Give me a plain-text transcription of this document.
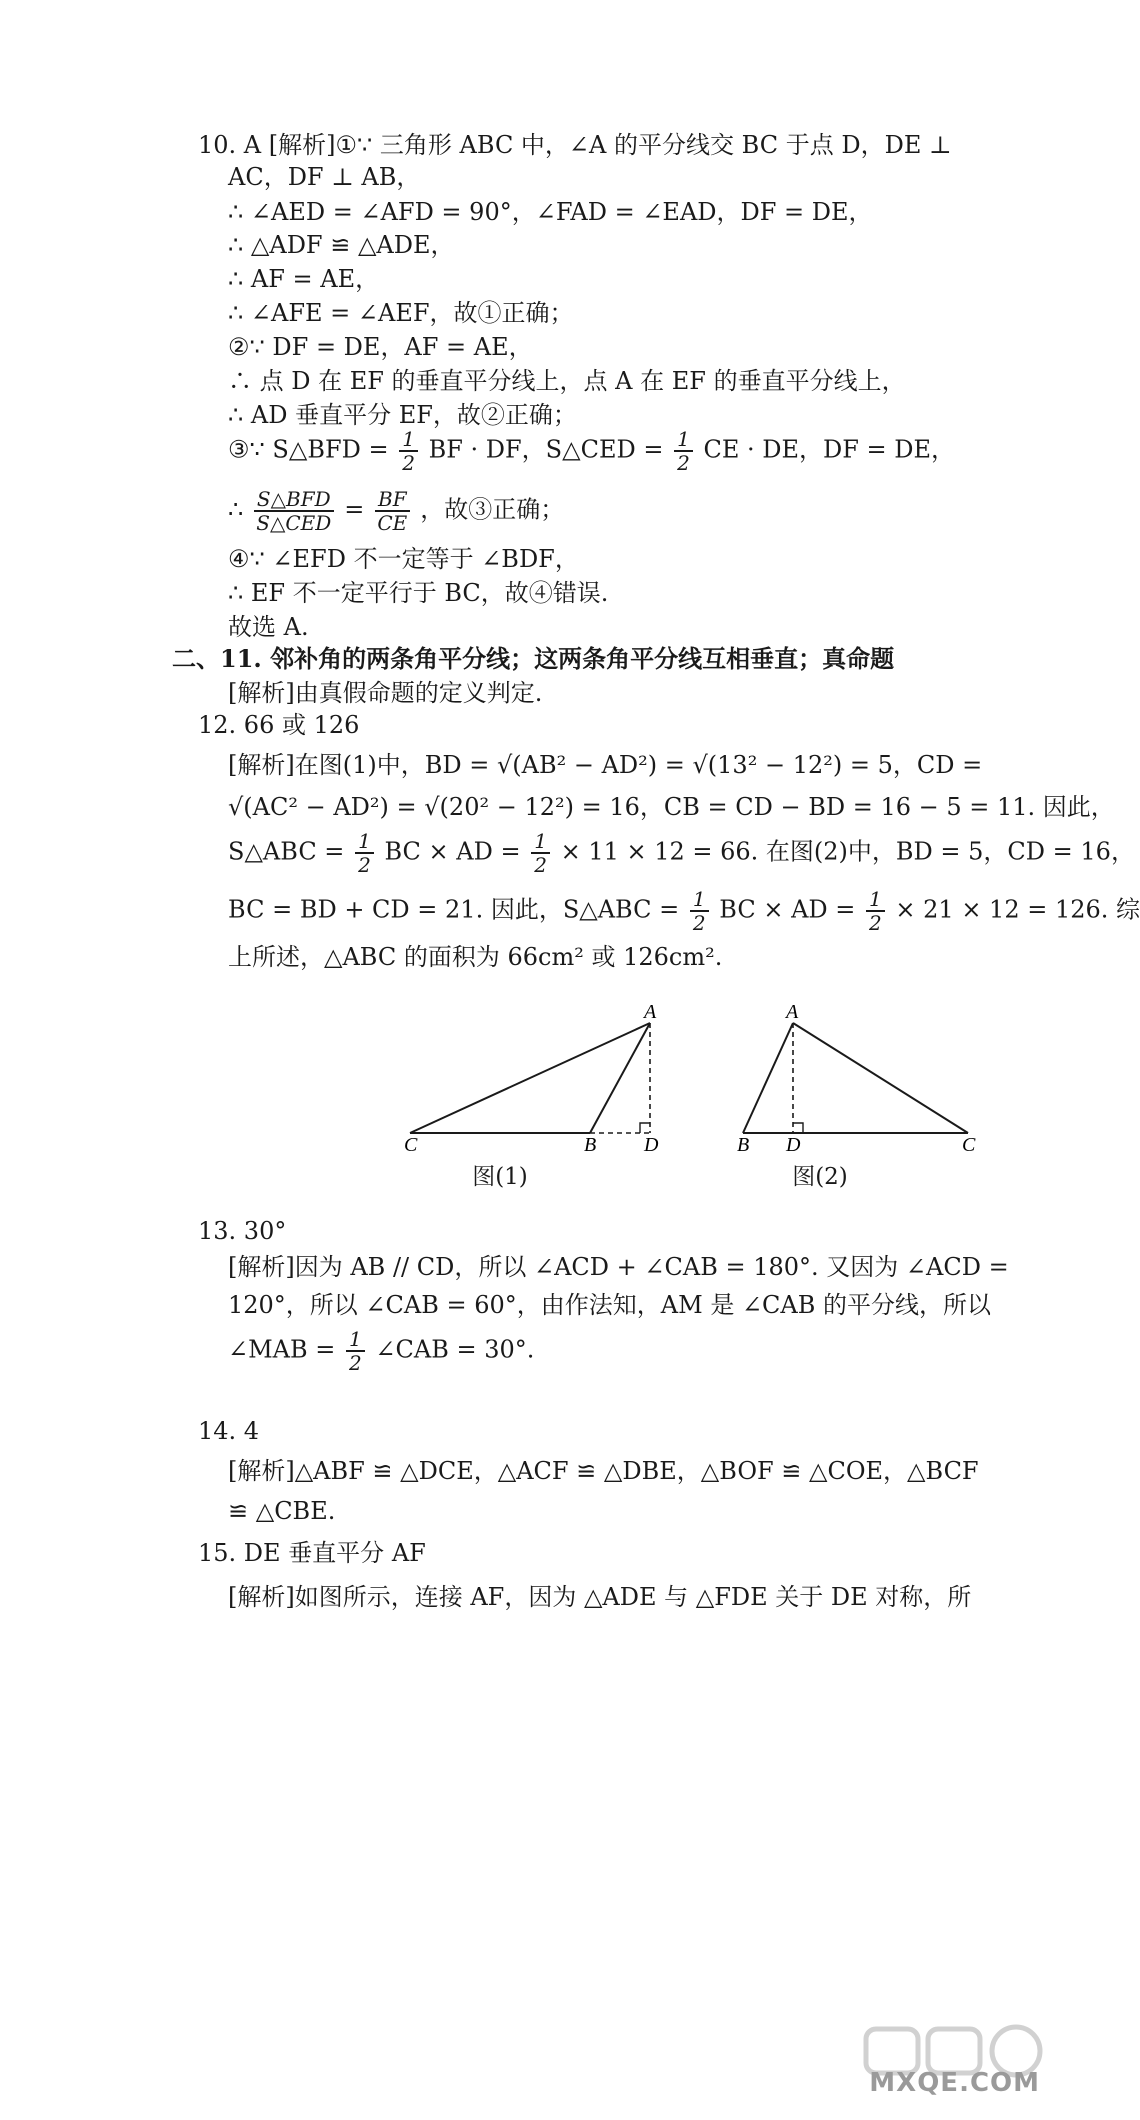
10. A [解析]①∵ 三角形 ABC 中，∠A 的平分线交 BC 于点 D，DE ⊥
AC，DF ⊥ AB，
∴ ∠AED = ∠AFD = 90°，∠FAD = ∠EAD，DF = DE，
∴ △ADF ≌ △ADE，
∴ AF = AE，
∴ ∠AFE = ∠AEF，故①正确；
②∵ DF = DE，AF = AE，
∴ 点 D 在 EF 的垂直平分线上，点 A 在 EF 的垂直平分线上，
∴ AD 垂直平分 EF，故②正确；
③∵ S△BFD = $\frac{1}{2}$ BF · DF，S△CED = $\frac{1}{2}$ CE · DE，DF = DE，
∴ $\frac{\text{S△BFD}}{\text{S△CED}} = \frac{BF}{CE}$ ，故③正确；
④∵ ∠EFD 不一定等于 ∠BDF，
∴ EF 不一定平行于 BC，故④错误.
故选 A.
二、11. 邻补角的两条角平分线；这两条角平分线互相垂直；真命题
[解析]由真假命题的定义判定.
12. 66 或 126
[解析]在图(1)中，BD = √(AB² − AD²) = √(13² − 12²) = 5，CD =
√(AC² − AD²) = √(20² − 12²) = 16，CB = CD − BD = 16 − 5 = 11. 因此，
S△ABC = $\frac{1}{2}$ BC × AD = $\frac{1}{2} \times 11 \times 12 = 66$. 在图(2)中，BD = 5，CD = 16，
BC = BD + CD = 21. 因此，S△ABC = $\frac{1}{2}$ BC × AD = $\frac{1}{2} \times 21 \times 12 = 126$. 综
上所述，△ABC 的面积为 66cm² 或 126cm².
C	B D
A
图(1)
B D	C
A
图(2)
13. 30°
[解析]因为 AB // CD，所以 ∠ACD + ∠CAB = 180°. 又因为 ∠ACD =
120°，所以 ∠CAB = 60°，由作法知，AM 是 ∠CAB 的平分线，所以
∠MAB = $\frac{1}{2}$ ∠CAB = 30°.
14. 4
[解析]△ABF ≌ △DCE，△ACF ≌ △DBE，△BOF ≌ △COE，△BCF
≌ △CBE.
15. DE 垂直平分 AF
[解析]如图所示，连接 AF，因为 △ADE 与 △FDE 关于 DE 对称，所
MXQE.COM
